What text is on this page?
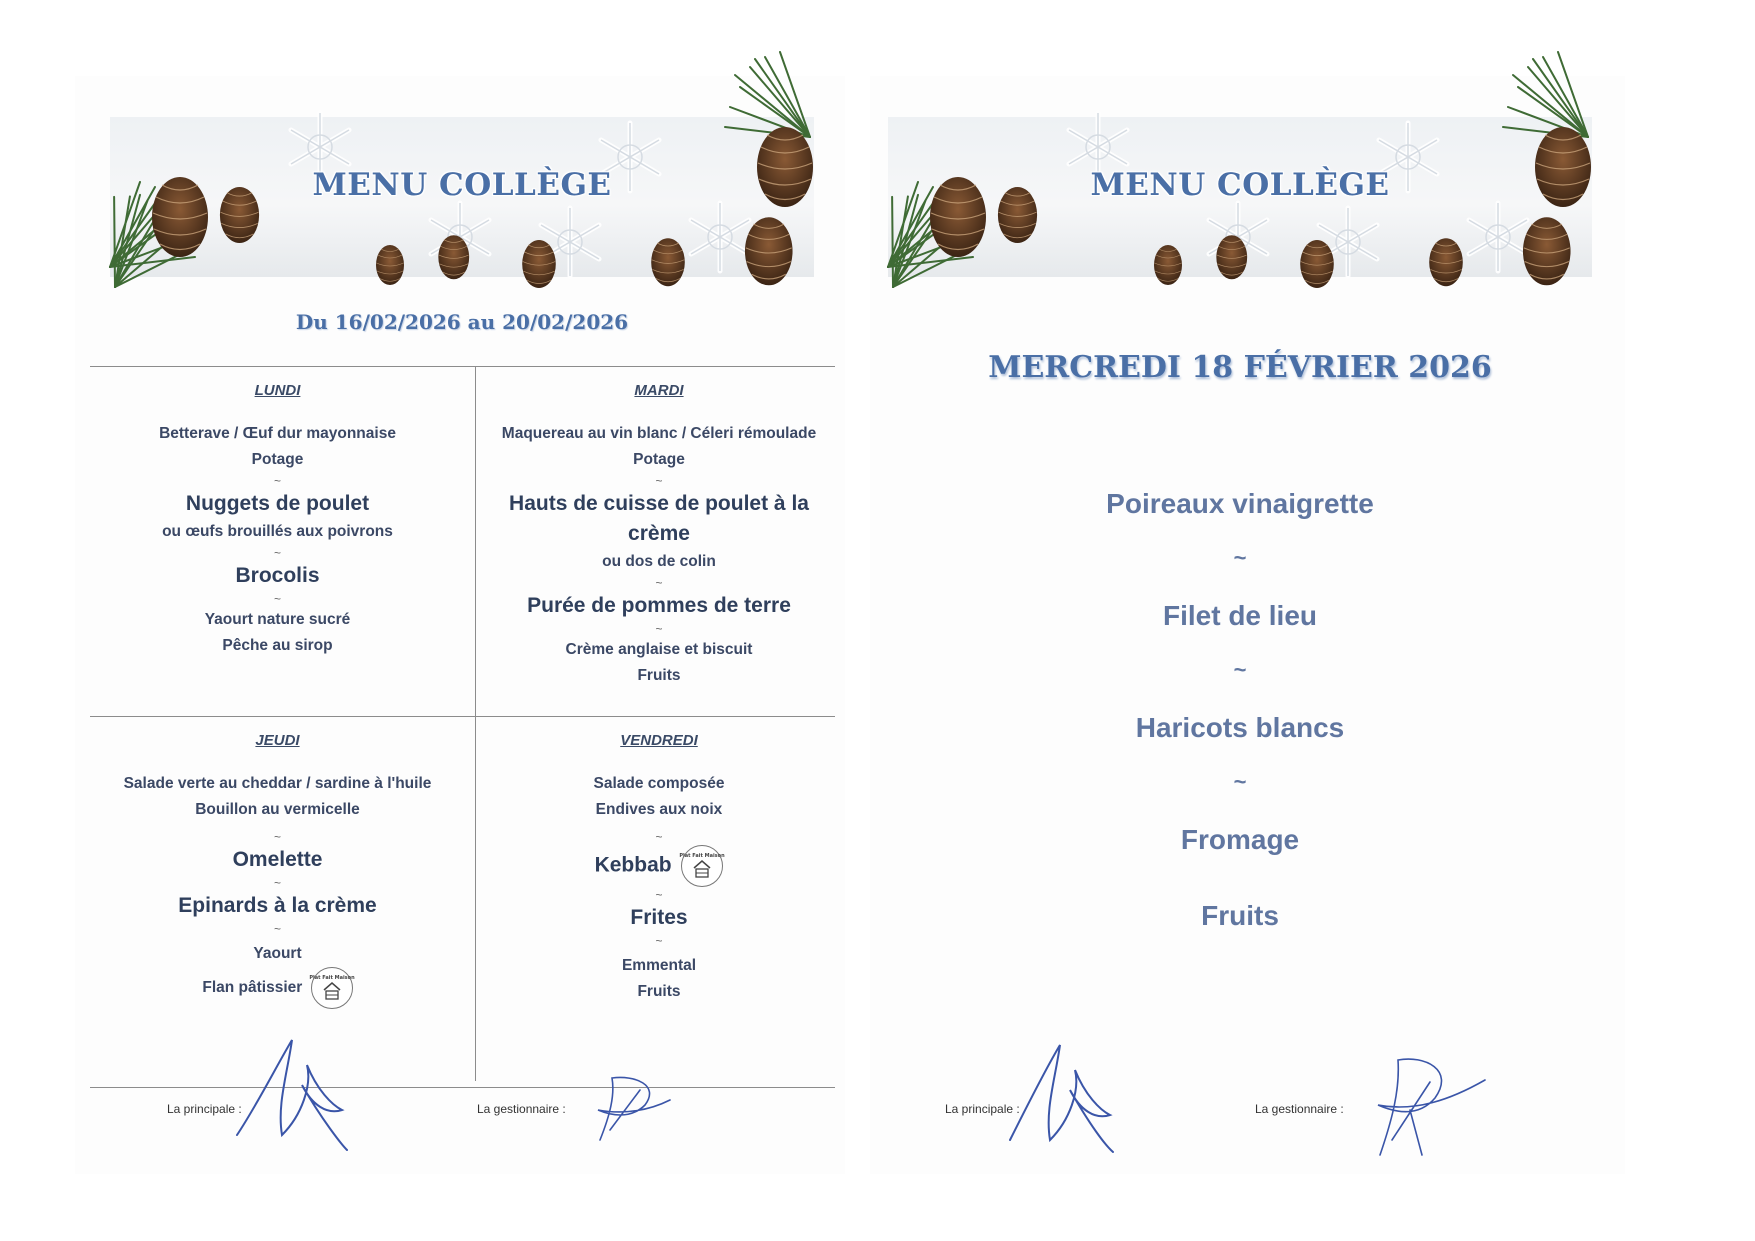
MENU COLLÈGE
Du 16/02/2026 au 20/02/2026
LUNDI
Betterave / Œuf dur mayonnaise
Potage
~
Nuggets de poulet
ou œufs brouillés aux poivrons
~
Brocolis
~
Yaourt nature sucré
Pêche au sirop
MARDI
Maquereau au vin blanc / Céleri rémoulade
Potage
~
Hauts de cuisse de poulet à la crème
ou dos de colin
~
Purée de pommes de terre
~
Crème anglaise et biscuit
Fruits
JEUDI
Salade verte au cheddar / sardine à l'huile
Bouillon au vermicelle
~
Omelette
~
Epinards à la crème
~
Yaourt
Flan pâtissier
Plat Fait Maison
VENDREDI
Salade composée
Endives aux noix
~
Kebbab Plat Fait Maison
~
Frites
~
Emmental
Fruits
La principale :	La gestionnaire :
MENU COLLÈGE
MERCREDI 18 FÉVRIER 2026
Poireaux vinaigrette
~
Filet de lieu
~
Haricots blancs
~
Fromage
Fruits
La principale :	La gestionnaire :
